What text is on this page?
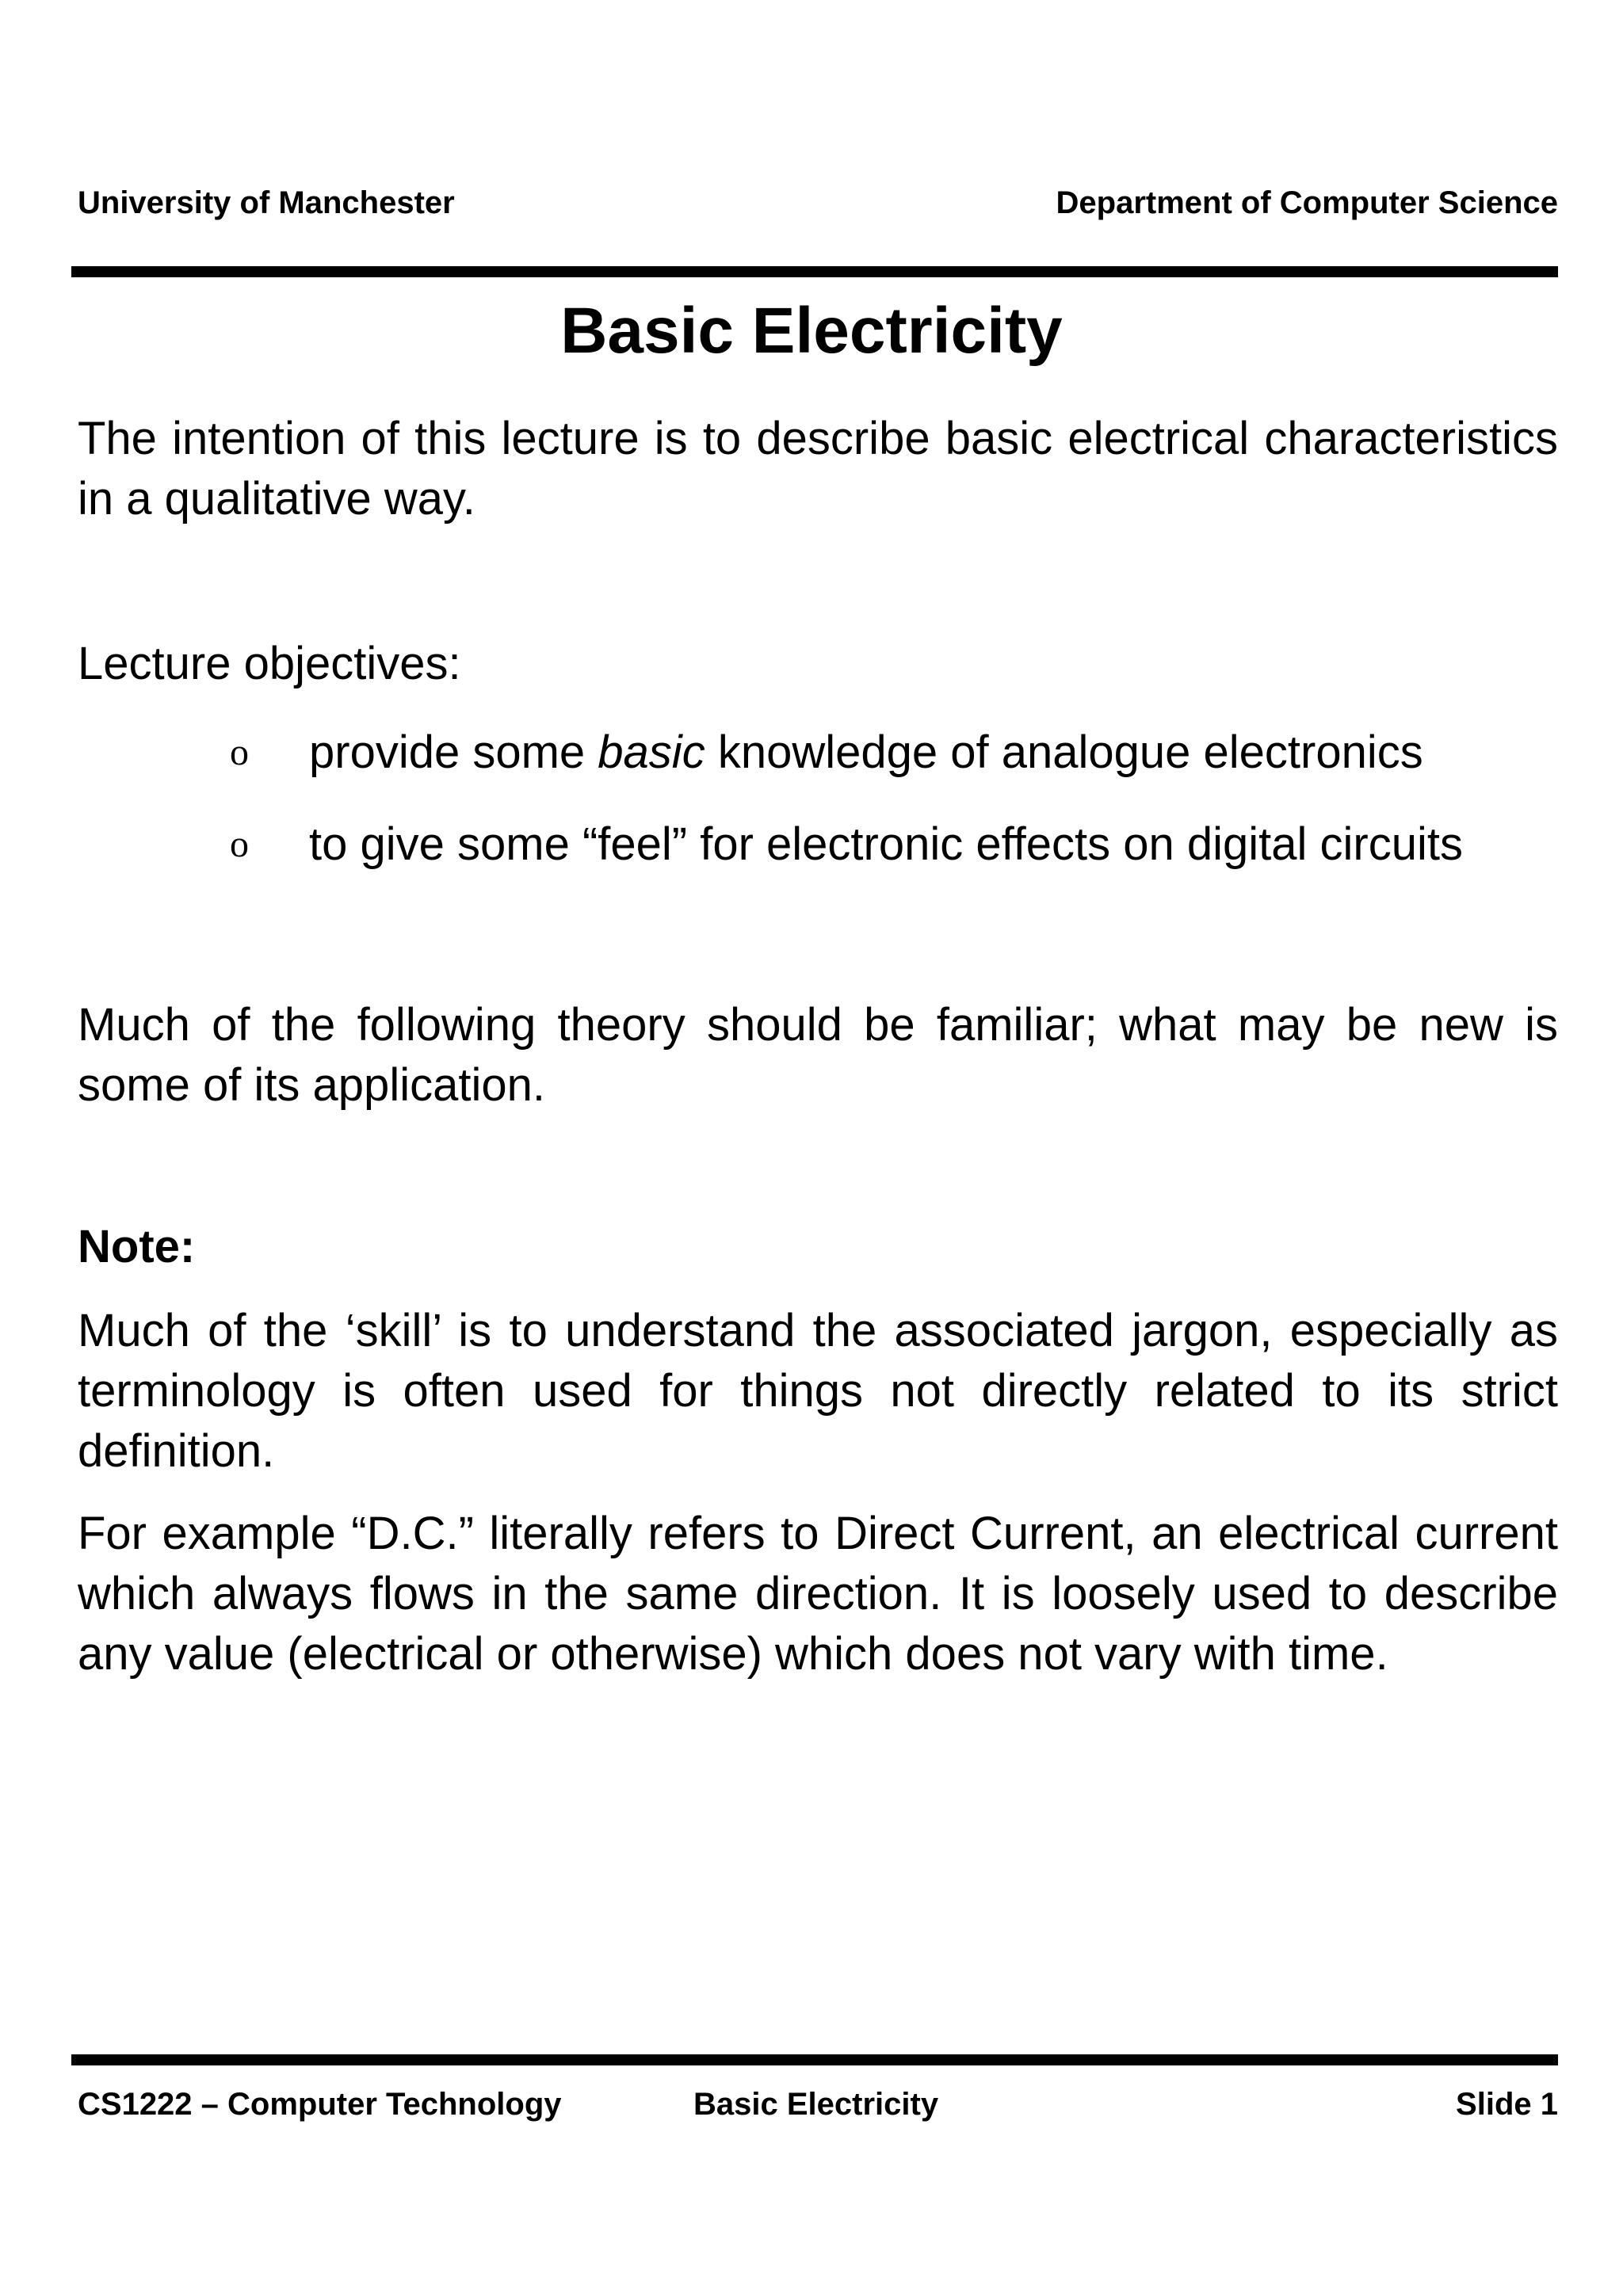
University of Manchester	Department of Computer Science
Basic Electricity

The intention of this lecture is to describe basic electrical characteristics in a qualitative way.

Lecture objectives:

o provide some basic knowledge of analogue electronics
o to give some “feel” for electronic effects on digital circuits

Much of the following theory should be familiar; what may be new is some of its application.

Note:

Much of the ‘skill’ is to understand the associated jargon, especially as terminology is often used for things not directly related to its strict definition.

For example “D.C.” literally refers to Direct Current, an electrical current which always flows in the same direction. It is loosely used to describe any value (electrical or otherwise) which does not vary with time.

CS1222 – Computer Technology	Basic Electricity	Slide 1
